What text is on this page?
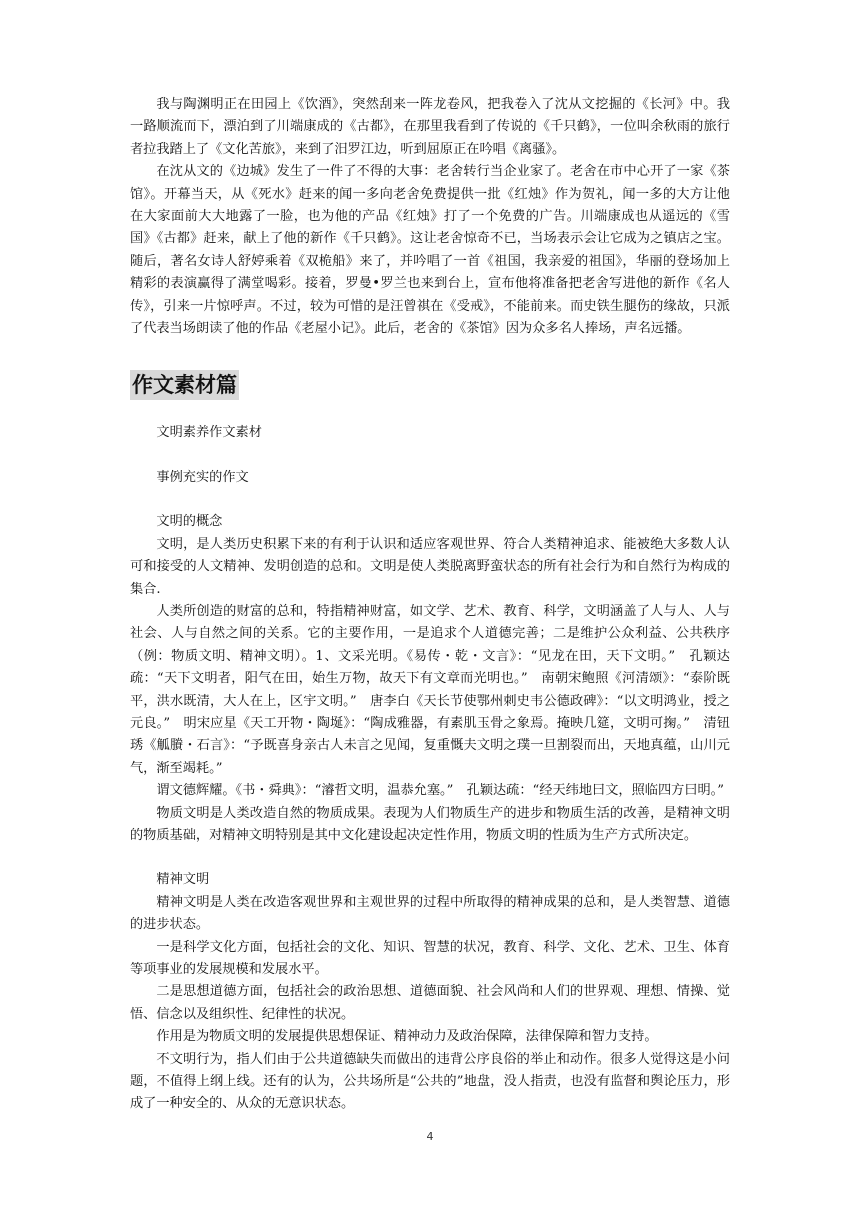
我与陶渊明正在田园上《饮酒》，突然刮来一阵龙卷风，把我卷入了沈从文挖掘的《长河》中。我一路顺流而下，漂泊到了川端康成的《古都》，在那里我看到了传说的《千只鹤》，一位叫余秋雨的旅行者拉我踏上了《文化苦旅》，来到了汨罗江边，听到屈原正在吟唱《离骚》。

在沈从文的《边城》发生了一件了不得的大事：老舍转行当企业家了。老舍在市中心开了一家《茶馆》。开幕当天，从《死水》赶来的闻一多向老舍免费提供一批《红烛》作为贺礼，闻一多的大方让他在大家面前大大地露了一脸，也为他的产品《红烛》打了一个免费的广告。川端康成也从遥远的《雪国》《古都》赶来，献上了他的新作《千只鹤》。这让老舍惊奇不已，当场表示会让它成为之镇店之宝。随后，著名女诗人舒婷乘着《双桅船》来了，并吟唱了一首《祖国，我亲爱的祖国》，华丽的登场加上精彩的表演赢得了满堂喝彩。接着，罗曼•罗兰也来到台上，宣布他将准备把老舍写进他的新作《名人传》，引来一片惊呼声。不过，较为可惜的是汪曾祺在《受戒》，不能前来。而史铁生腿伤的缘故，只派了代表当场朗读了他的作品《老屋小记》。此后，老舍的《茶馆》因为众多名人捧场，声名远播。

作文素材篇

文明素养作文素材

事例充实的作文

文明的概念

文明，是人类历史积累下来的有利于认识和适应客观世界、符合人类精神追求、能被绝大多数人认可和接受的人文精神、发明创造的总和。文明是使人类脱离野蛮状态的所有社会行为和自然行为构成的集合.

人类所创造的财富的总和，特指精神财富，如文学、艺术、教育、科学，文明涵盖了人与人、人与社会、人与自然之间的关系。它的主要作用，一是追求个人道德完善；二是维护公众利益、公共秩序（例：物质文明、精神文明）。1、文采光明。《易传・乾・文言》：“见龙在田，天下文明。”　孔颖达 疏：“天下文明者，阳气在田，始生万物，故天下有文章而光明也。”　南朝宋鲍照《河清颂》：“泰阶既平，洪水既清，大人在上，区宇文明。”　唐李白《天长节使鄂州刺史韦公德政碑》：“以文明鸿业，授之元良。”　明宋应星《天工开物・陶埏》：“陶成雅器，有素肌玉骨之象焉。掩映几筵，文明可掬。”　清钮琇《觚賸・石言》：“予既喜身亲古人未言之见闻，复重慨夫文明之璞一旦割裂而出，天地真蕴，山川元气，渐至竭耗。”

谓文德辉耀。《书・舜典》：“濬哲文明，温恭允塞。”　孔颖达疏：“经天纬地曰文，照临四方曰明。”

物质文明是人类改造自然的物质成果。表现为人们物质生产的进步和物质生活的改善，是精神文明的物质基础，对精神文明特别是其中文化建设起决定性作用，物质文明的性质为生产方式所决定。

精神文明

精神文明是人类在改造客观世界和主观世界的过程中所取得的精神成果的总和，是人类智慧、道德的进步状态。

一是科学文化方面，包括社会的文化、知识、智慧的状况，教育、科学、文化、艺术、卫生、体育等项事业的发展规模和发展水平。

二是思想道德方面，包括社会的政治思想、道德面貌、社会风尚和人们的世界观、理想、情操、觉悟、信念以及组织性、纪律性的状况。

作用是为物质文明的发展提供思想保证、精神动力及政治保障，法律保障和智力支持。

不文明行为，指人们由于公共道德缺失而做出的违背公序良俗的举止和动作。很多人觉得这是小问题，不值得上纲上线。还有的认为，公共场所是“公共的”地盘，没人指责，也没有监督和舆论压力，形成了一种安全的、从众的无意识状态。

4
